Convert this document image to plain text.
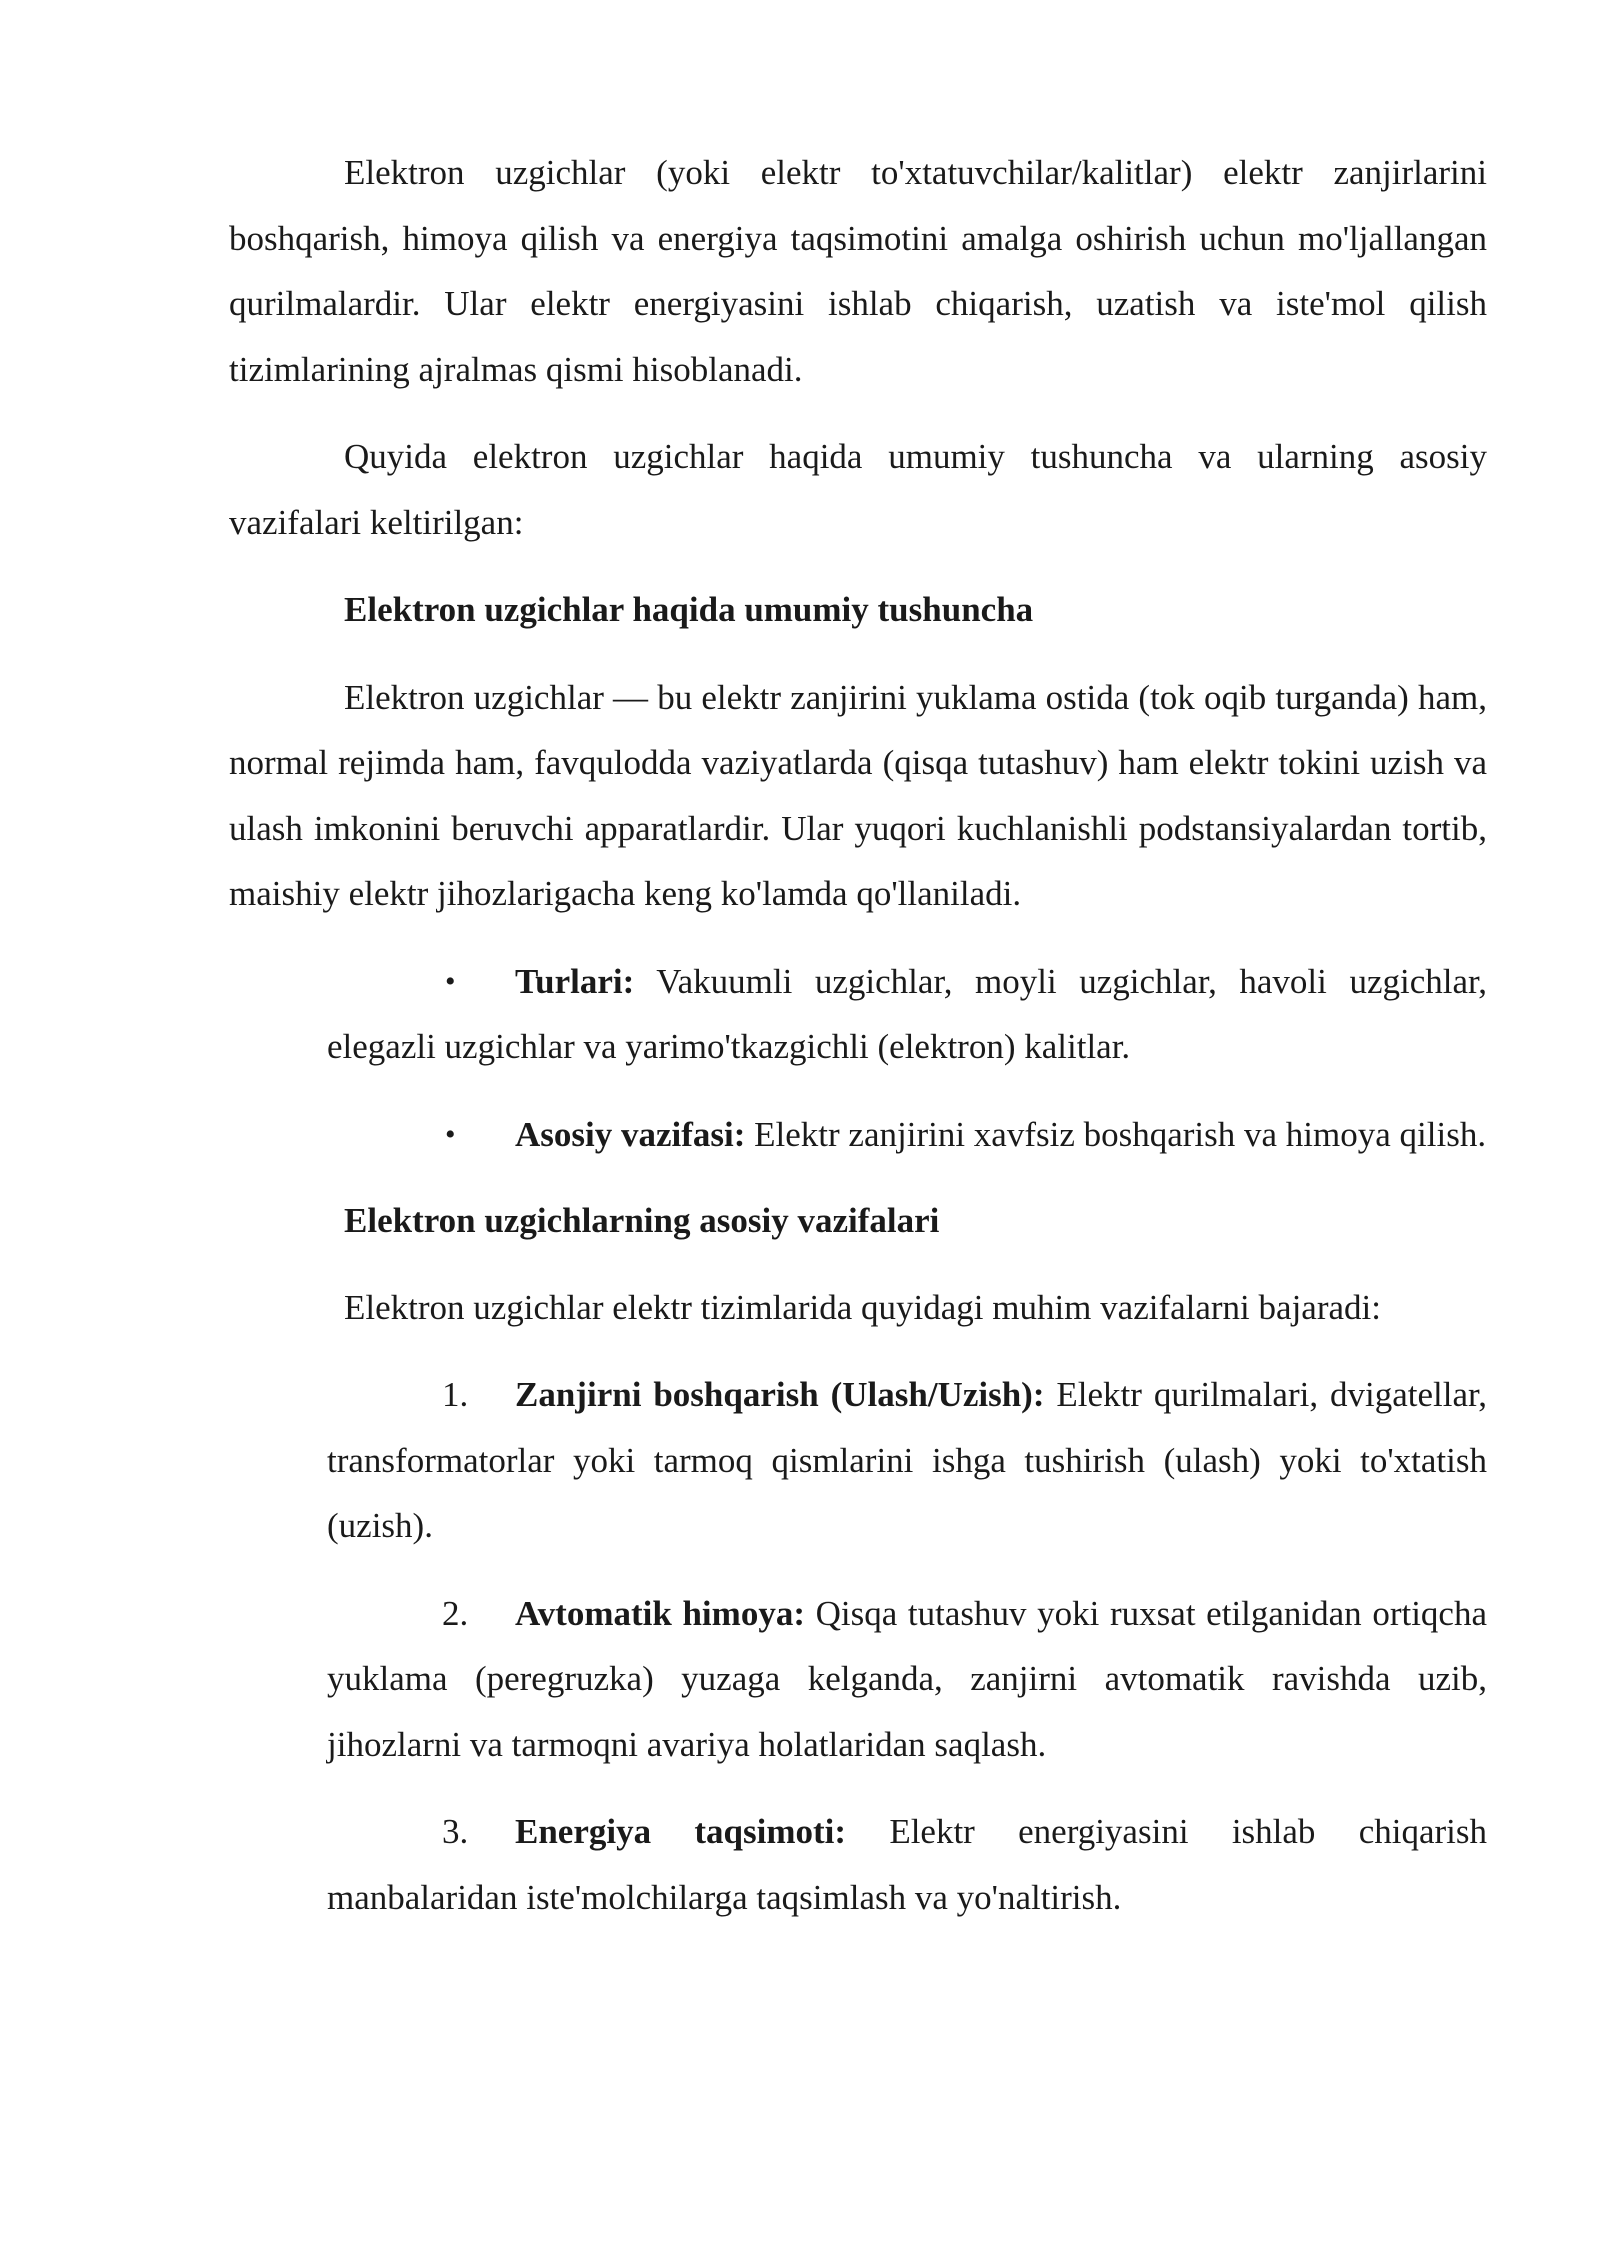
Elektron uzgichlar (yoki elektr to'xtatuvchilar/kalitlar) elektr zanjirlarini boshqarish, himoya qilish va energiya taqsimotini amalga oshirish uchun mo'ljallangan qurilmalardir. Ular elektr energiyasini ishlab chiqarish, uzatish va iste'mol qilish tizimlarining ajralmas qismi hisoblanadi.

Quyida elektron uzgichlar haqida umumiy tushuncha va ularning asosiy vazifalari keltirilgan:

Elektron uzgichlar haqida umumiy tushuncha

Elektron uzgichlar — bu elektr zanjirini yuklama ostida (tok oqib turganda) ham, normal rejimda ham, favqulodda vaziyatlarda (qisqa tutashuv) ham elektr tokini uzish va ulash imkonini beruvchi apparatlardir. Ular yuqori kuchlanishli podstansiyalardan tortib, maishiy elektr jihozlarigacha keng ko'lamda qo'llaniladi.

• Turlari: Vakuumli uzgichlar, moyli uzgichlar, havoli uzgichlar, elegazli uzgichlar va yarimo'tkazgichli (elektron) kalitlar.
• Asosiy vazifasi: Elektr zanjirini xavfsiz boshqarish va himoya qilish.

Elektron uzgichlarning asosiy vazifalari

Elektron uzgichlar elektr tizimlarida quyidagi muhim vazifalarni bajaradi:

1. Zanjirni boshqarish (Ulash/Uzish): Elektr qurilmalari, dvigatellar, transformatorlar yoki tarmoq qismlarini ishga tushirish (ulash) yoki to'xtatish (uzish).
2. Avtomatik himoya: Qisqa tutashuv yoki ruxsat etilganidan ortiqcha yuklama (peregruzka) yuzaga kelganda, zanjirni avtomatik ravishda uzib, jihozlarni va tarmoqni avariya holatlaridan saqlash.
3. Energiya taqsimoti: Elektr energiyasini ishlab chiqarish manbalaridan iste'molchilarga taqsimlash va yo'naltirish.
